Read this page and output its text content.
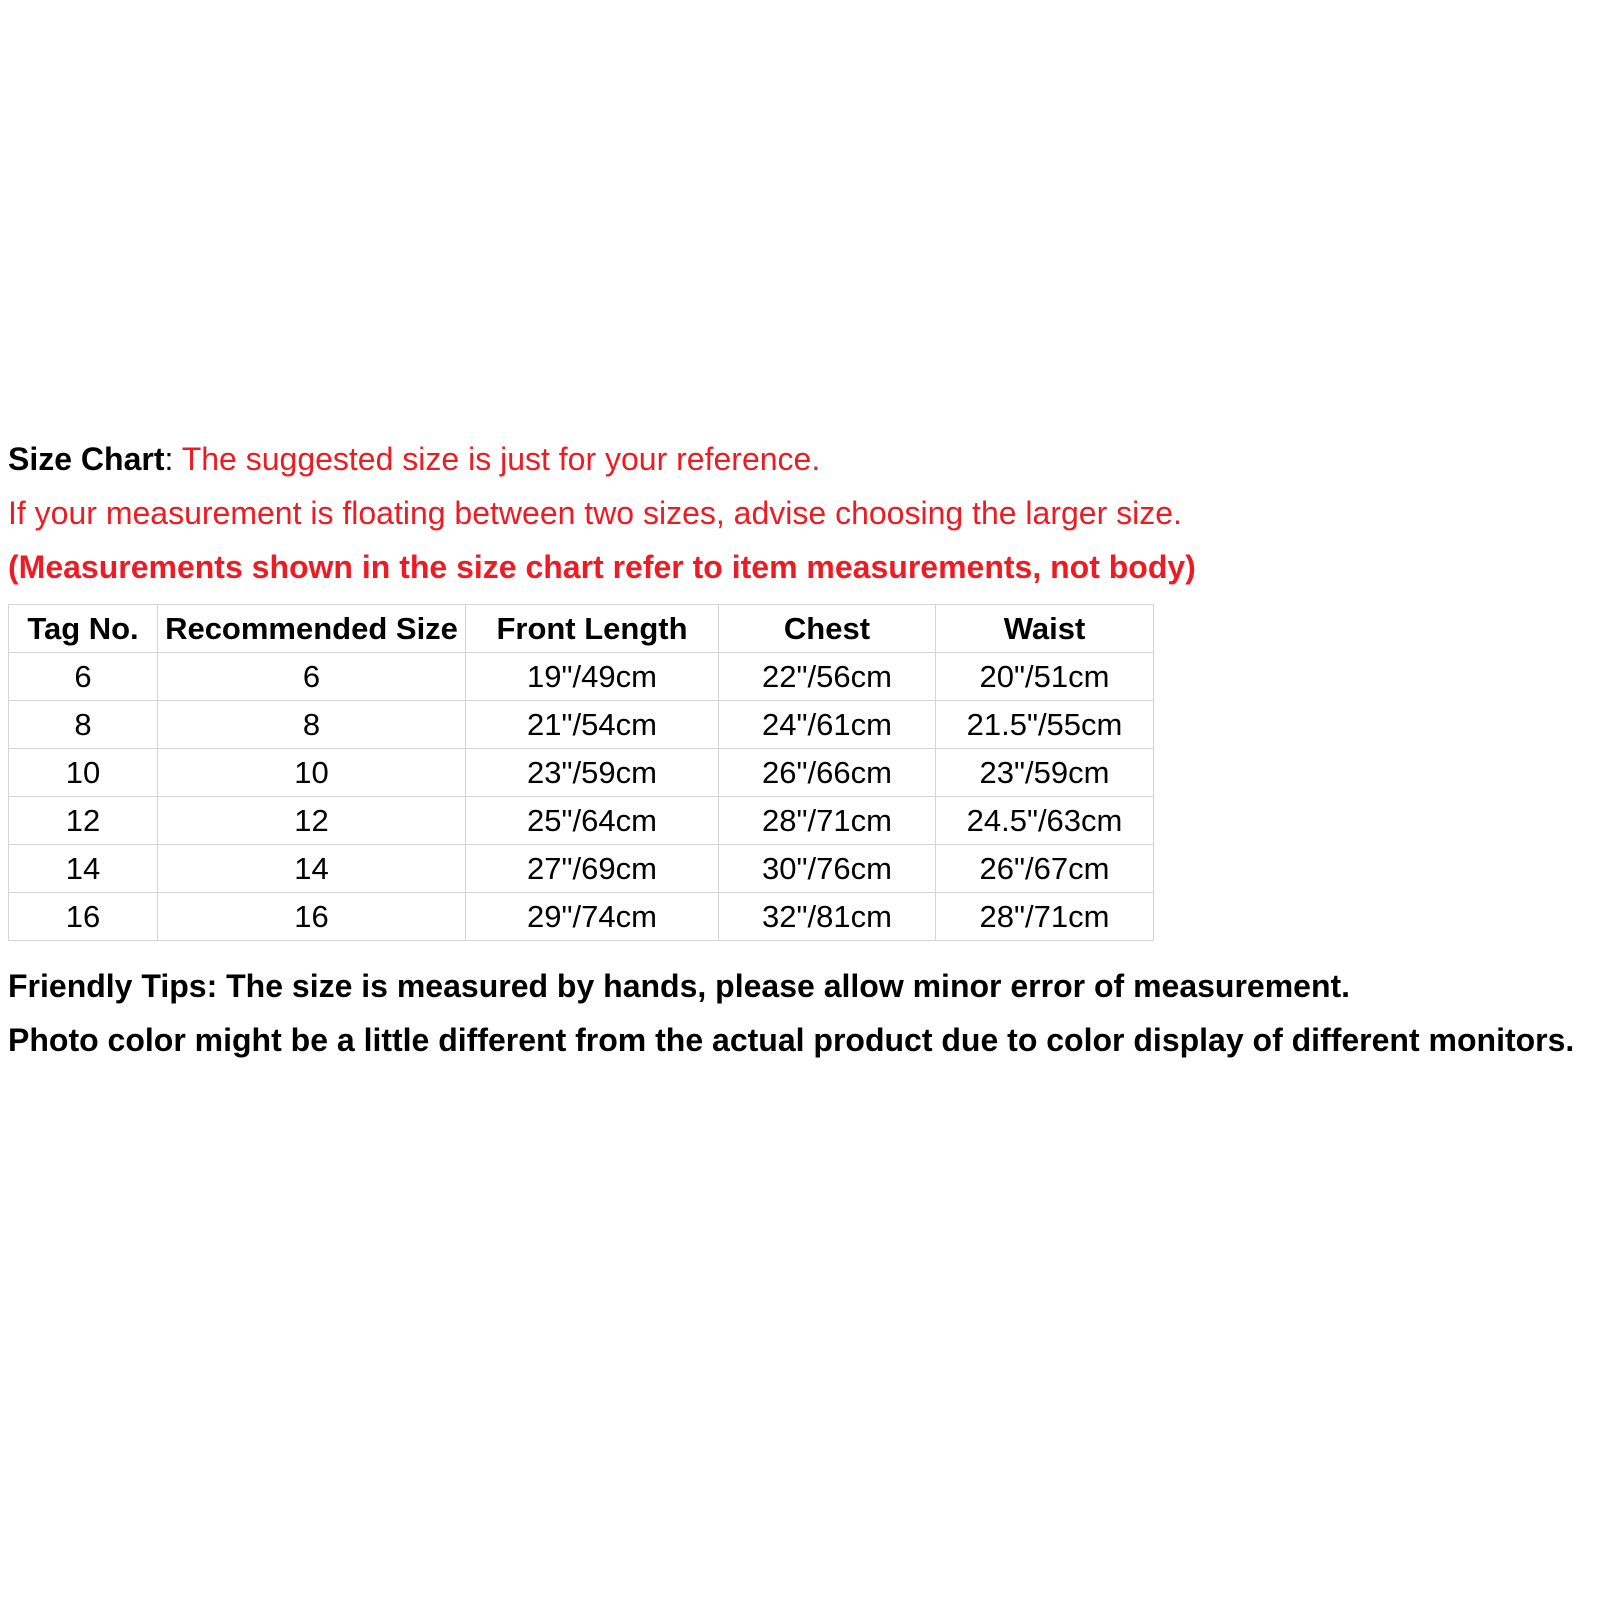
Size Chart: The suggested size is just for your reference.
If your measurement is floating between two sizes, advise choosing the larger size.
(Measurements shown in the size chart refer to item measurements, not body)
Tag No.	Recommended Size	Front Length	Chest	Waist
6	6	19"/49cm	22"/56cm	20"/51cm
8	8	21"/54cm	24"/61cm	21.5"/55cm
10	10	23"/59cm	26"/66cm	23"/59cm
12	12	25"/64cm	28"/71cm	24.5"/63cm
14	14	27"/69cm	30"/76cm	26"/67cm
16	16	29"/74cm	32"/81cm	28"/71cm
Friendly Tips: The size is measured by hands, please allow minor error of measurement.
Photo color might be a little different from the actual product due to color display of different monitors.
